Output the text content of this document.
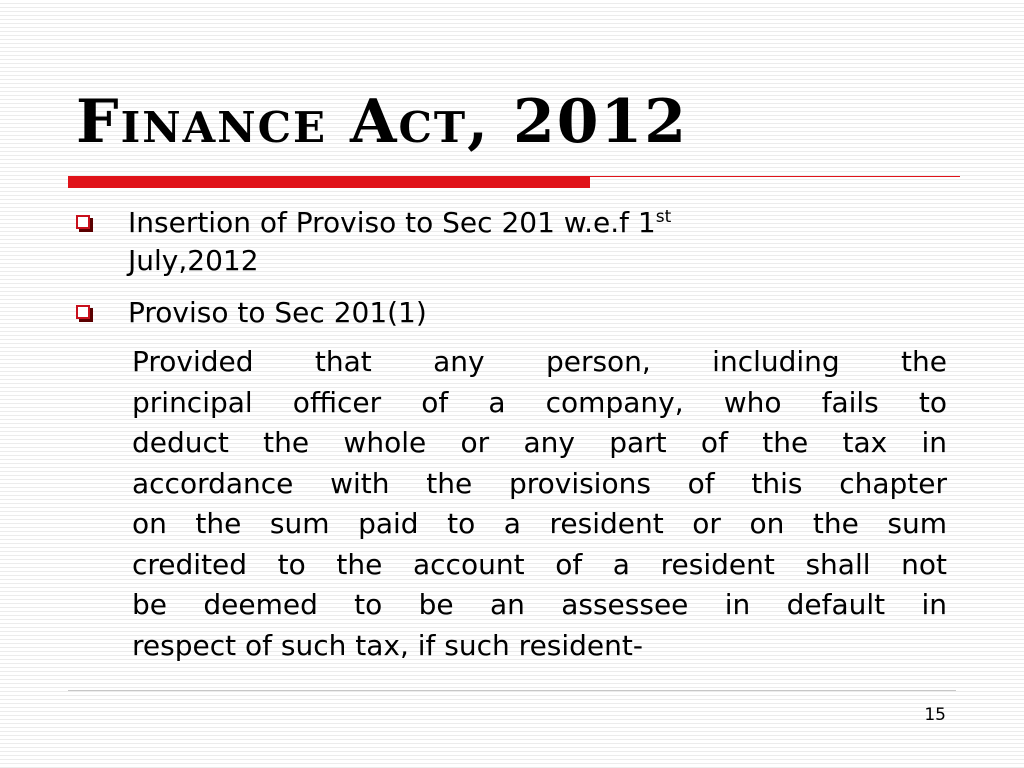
Finance Act, 2012
Insertion of Proviso to Sec 201 w.e.f 1st
July,2012
Proviso to Sec 201(1)
Provided that any person, including the
principal officer of a company, who fails to
deduct the whole or any part of the tax in
accordance with the provisions of this chapter
on the sum paid to a resident or on the sum
credited to the account of a resident shall not
be deemed to be an assessee in default in
respect of such tax, if such resident-
15
